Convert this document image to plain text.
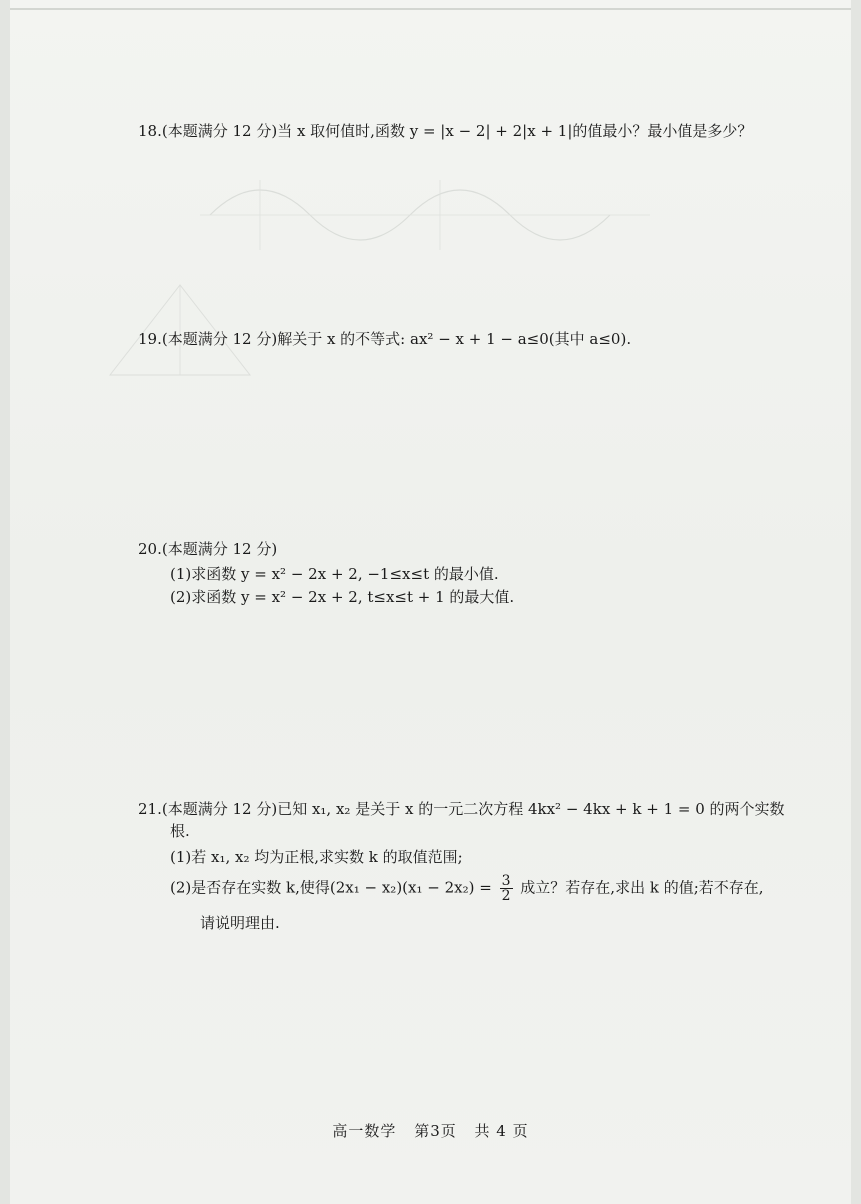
18.(本题满分 12 分)当 x 取何值时,函数 y = |x − 2| + 2|x + 1|的值最小？最小值是多少？
19.(本题满分 12 分)解关于 x 的不等式: ax² − x + 1 − a≤0(其中 a≤0).
20.(本题满分 12 分)
(1)求函数 y = x² − 2x + 2, −1≤x≤t 的最小值.
(2)求函数 y = x² − 2x + 2, t≤x≤t + 1 的最大值.
21.(本题满分 12 分)已知 x₁, x₂ 是关于 x 的一元二次方程 4kx² − 4kx + k + 1 = 0 的两个实数
根.
(1)若 x₁, x₂ 均为正根,求实数 k 的取值范围;
(2)是否存在实数 k,使得$(2x_1 - x_2)(x_1 - 2x_2) = \frac{3}{2}$ 成立？若存在,求出 k 的值;若不存在,
请说明理由.
高一数学 第3页 共 4 页
